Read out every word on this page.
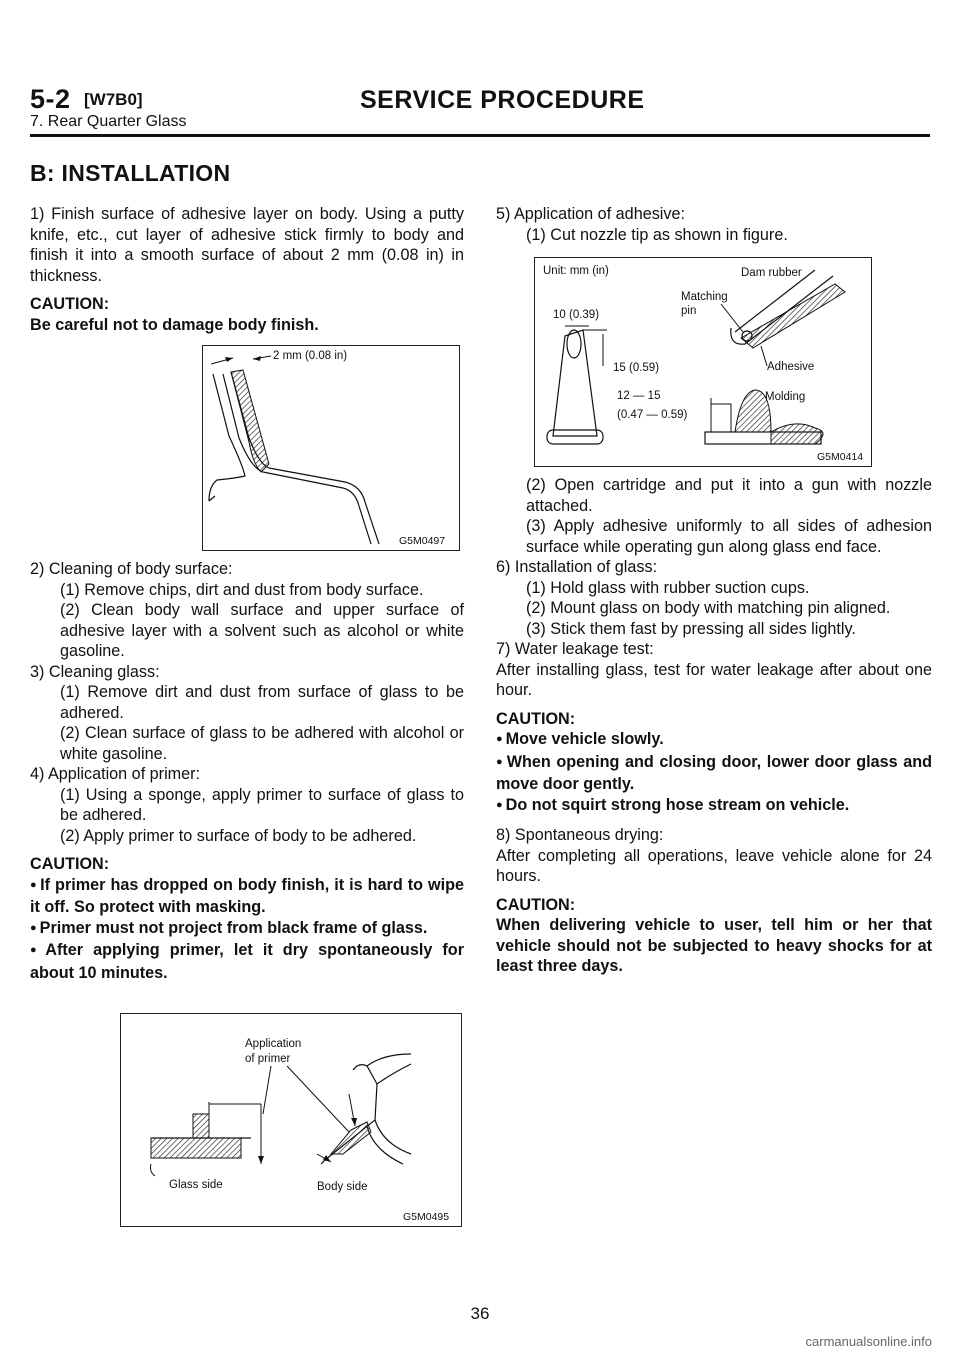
5-2 [W7B0]	SERVICE PROCEDURE
7. Rear Quarter Glass
B: INSTALLATION

1) Finish surface of adhesive layer on body. Using a putty knife, etc., cut layer of adhesive stick firmly to body and finish it into a smooth surface of about 2 mm (0.08 in) in thickness.

CAUTION:
Be careful not to damage body finish.
2 mm (0.08 in)
G5M0497
2) Cleaning of body surface:
(1) Remove chips, dirt and dust from body surface.
(2) Clean body wall surface and upper surface of adhesive layer with a solvent such as alcohol or white gasoline.
3) Cleaning glass:
(1) Remove dirt and dust from surface of glass to be adhered.
(2) Clean surface of glass to be adhered with alcohol or white gasoline.
4) Application of primer:
(1) Using a sponge, apply primer to surface of glass to be adhered.
(2) Apply primer to surface of body to be adhered.
CAUTION:
● If primer has dropped on body finish, it is hard to wipe it off. So protect with masking.
● Primer must not project from black frame of glass.
● After applying primer, let it dry spontaneously for about 10 minutes.
Application
of primer
Glass side	Body side
G5M0495
5) Application of adhesive:
(1) Cut nozzle tip as shown in figure.
Unit: mm (in)
10 (0.39)
15 (0.59)
12 — 15
(0.47 — 0.59)
Dam rubber
Matching
pin
Adhesive
Molding
G5M0414
(2) Open cartridge and put it into a gun with nozzle attached.
(3) Apply adhesive uniformly to all sides of adhesion surface while operating gun along glass end face.
6) Installation of glass:
(1) Hold glass with rubber suction cups.
(2) Mount glass on body with matching pin aligned.
(3) Stick them fast by pressing all sides lightly.
7) Water leakage test:
After installing glass, test for water leakage after about one hour.
CAUTION:
● Move vehicle slowly.
● When opening and closing door, lower door glass and move door gently.
● Do not squirt strong hose stream on vehicle.
8) Spontaneous drying:
After completing all operations, leave vehicle alone for 24 hours.
CAUTION:
When delivering vehicle to user, tell him or her that vehicle should not be subjected to heavy shocks for at least three days.
36
carmanualsonline.info
